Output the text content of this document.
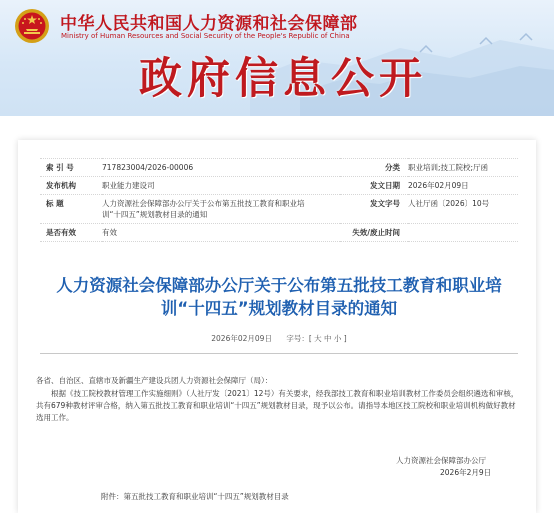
中华人民共和国人力资源和社会保障部
Ministry of Human Resources and Social Security of the People's Republic of China
政府信息公开
索 引 号	717823004/2026-00006	分类	职业培训;技工院校;厅函
发布机构	职业能力建设司	发文日期	2026年02月09日
标 题	人力资源社会保障部办公厅关于公布第五批技工教育和职业培训“十四五”规划教材目录的通知	发文字号	人社厅函〔2026〕10号
是否有效	有效	失效/废止时间	
人力资源社会保障部办公厅关于公布第五批技工教育和职业培训“十四五”规划教材目录的通知
2026年02月09日 字号：[ 大 中 小 ]
各省、自治区、直辖市及新疆生产建设兵团人力资源社会保障厅（局）：

根据《技工院校教材管理工作实施细则》（人社厅发〔2021〕12号）有关要求，经我部技工教育和职业培训教材工作委员会组织遴选和审核，共有679种教材评审合格，纳入第五批技工教育和职业培训“十四五”规划教材目录，现予以公布。请指导本地区技工院校和职业培训机构做好教材选用工作。

人力资源社会保障部办公厅
2026年2月9日
附件：第五批技工教育和职业培训“十四五”规划教材目录
